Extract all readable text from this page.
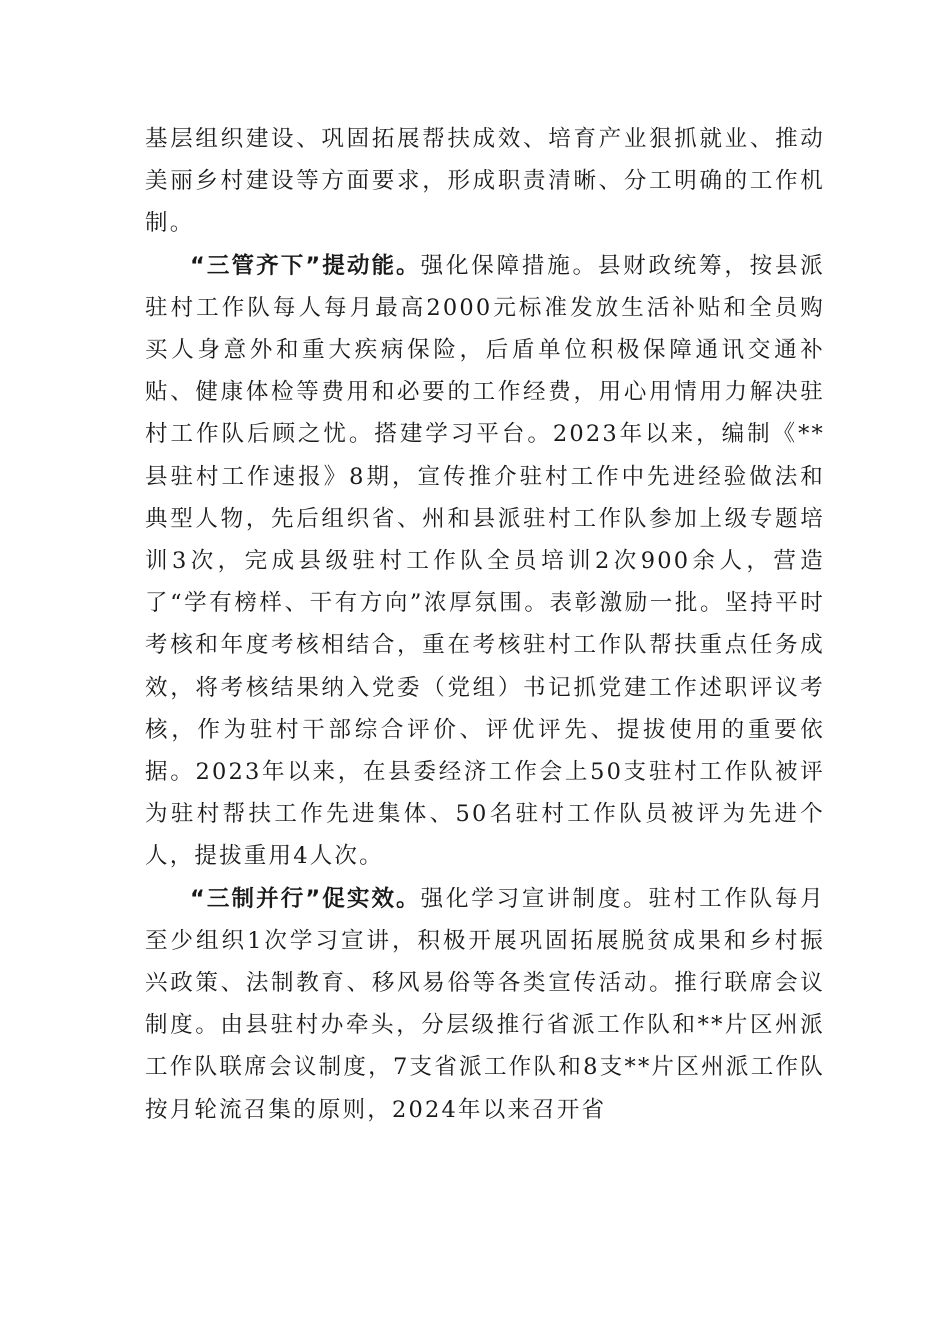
基层组织建设、巩固拓展帮扶成效、培育产业狠抓就业、推动美丽乡村建设等方面要求，形成职责清晰、分工明确的工作机制。

“三管齐下”提动能。强化保障措施。县财政统筹，按县派驻村工作队每人每月最高2000元标准发放生活补贴和全员购买人身意外和重大疾病保险，后盾单位积极保障通讯交通补贴、健康体检等费用和必要的工作经费，用心用情用力解决驻村工作队后顾之忧。搭建学习平台。2023年以来，编制《**县驻村工作速报》8期，宣传推介驻村工作中先进经验做法和典型人物，先后组织省、州和县派驻村工作队参加上级专题培训3次，完成县级驻村工作队全员培训2次900余人，营造了“学有榜样、干有方向”浓厚氛围。表彰激励一批。坚持平时考核和年度考核相结合，重在考核驻村工作队帮扶重点任务成效，将考核结果纳入党委（党组）书记抓党建工作述职评议考核，作为驻村干部综合评价、评优评先、提拔使用的重要依据。2023年以来，在县委经济工作会上50支驻村工作队被评为驻村帮扶工作先进集体、50名驻村工作队员被评为先进个人，提拔重用4人次。

“三制并行”促实效。强化学习宣讲制度。驻村工作队每月至少组织1次学习宣讲，积极开展巩固拓展脱贫成果和乡村振兴政策、法制教育、移风易俗等各类宣传活动。推行联席会议制度。由县驻村办牵头，分层级推行省派工作队和**片区州派工作队联席会议制度，7支省派工作队和8支**片区州派工作队按月轮流召集的原则，2024年以来召开省
